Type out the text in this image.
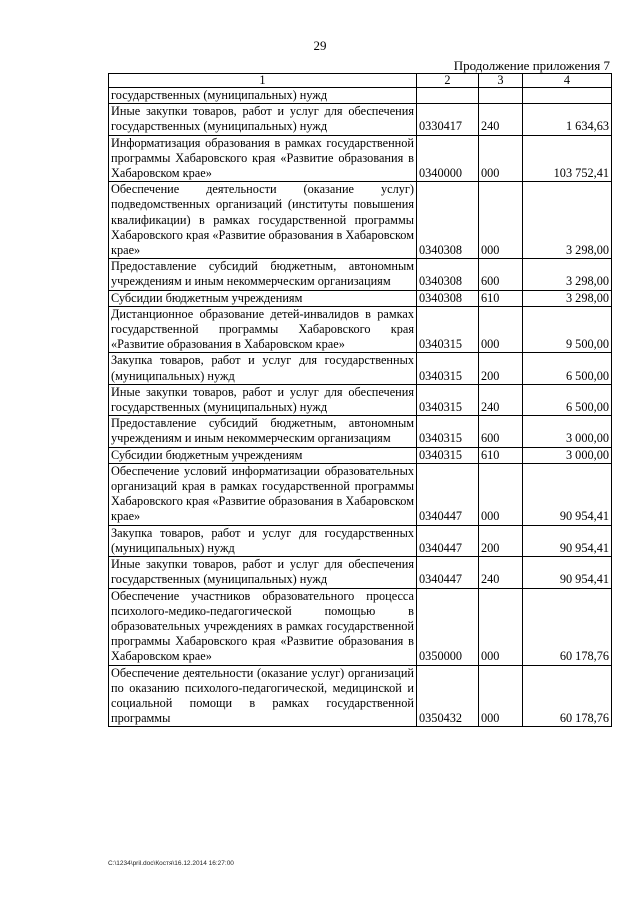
29
Продолжение приложения 7
1	2	3	4
государственных (муниципальных) нужд			
Иные закупки товаров, работ и услуг для обеспечения государственных (муниципальных) нужд	0330417	240	1 634,63
Информатизация образования в рамках государственной программы Хабаровского края «Развитие образования в Хабаровском крае»	0340000	000	103 752,41
Обеспечение деятельности (оказание услуг) подведомственных организаций (институты повышения квалификации) в рамках государственной программы Хабаровского края «Развитие образования в Хабаровском крае»	0340308	000	3 298,00
Предоставление субсидий бюджетным, автономным учреждениям и иным некоммерческим организациям	0340308	600	3 298,00
Субсидии бюджетным учреждениям	0340308	610	3 298,00
Дистанционное образование детей-инвалидов в рамках государственной программы Хабаровского края «Развитие образования в Хабаровском крае»	0340315	000	9 500,00
Закупка товаров, работ и услуг для государственных (муниципальных) нужд	0340315	200	6 500,00
Иные закупки товаров, работ и услуг для обеспечения государственных (муниципальных) нужд	0340315	240	6 500,00
Предоставление субсидий бюджетным, автономным учреждениям и иным некоммерческим организациям	0340315	600	3 000,00
Субсидии бюджетным учреждениям	0340315	610	3 000,00
Обеспечение условий информатизации образовательных организаций края в рамках государственной программы Хабаровского края «Развитие образования в Хабаровском крае»	0340447	000	90 954,41
Закупка товаров, работ и услуг для государственных (муниципальных) нужд	0340447	200	90 954,41
Иные закупки товаров, работ и услуг для обеспечения государственных (муниципальных) нужд	0340447	240	90 954,41
Обеспечение участников образовательного процесса психолого-медико-педагогической помощью в образовательных учреждениях в рамках государственной программы Хабаровского края «Развитие образования в Хабаровском крае»	0350000	000	60 178,76
Обеспечение деятельности (оказание услуг) организаций по оказанию психолого-педагогической, медицинской и социальной помощи в рамках государственной программы	0350432	000	60 178,76
C:\1234\pril.doc\Костя\16.12.2014 16:27:00
